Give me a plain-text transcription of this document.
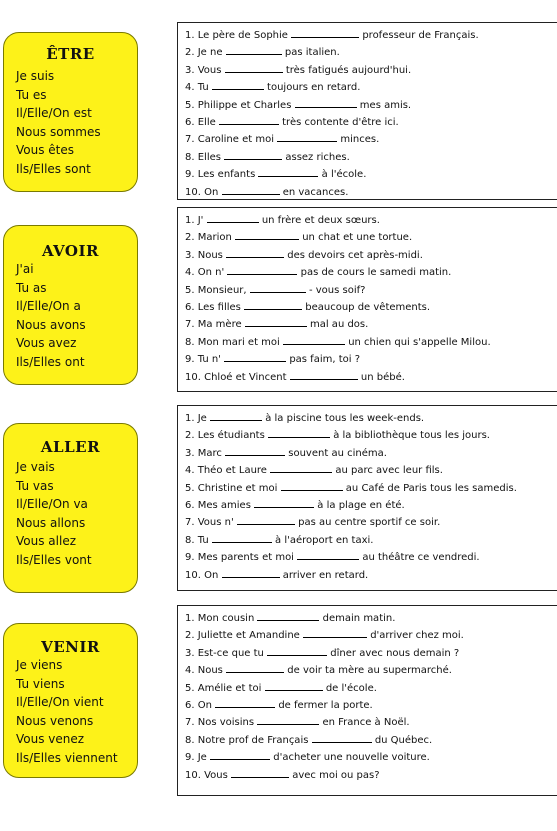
ÊTRE
Je suis
Tu es
Il/Elle/On est
Nous sommes
Vous êtes
Ils/Elles sont
1. Le père de Sophie	professeur de Français.
2. Je ne	pas italien.
3. Vous	très fatigués aujourd'hui.
4. Tu	toujours en retard.
5. Philippe et Charles	mes amis.
6. Elle	très contente d'être ici.
7. Caroline et moi	minces.
8. Elles	assez riches.
9. Les enfants	à l'école.
10. On	en vacances.
AVOIR
J'ai
Tu as
Il/Elle/On a
Nous avons
Vous avez
Ils/Elles ont
1. J'	un frère et deux sœurs.
2. Marion	un chat et une tortue.
3. Nous	des devoirs cet après-midi.
4. On n'	pas de cours le samedi matin.
5. Monsieur,	- vous soif?
6. Les filles	beaucoup de vêtements.
7. Ma mère	mal au dos.
8. Mon mari et moi	un chien qui s'appelle Milou.
9. Tu n'	pas faim, toi ?
10. Chloé et Vincent	un bébé.
ALLER
Je vais
Tu vas
Il/Elle/On va
Nous allons
Vous allez
Ils/Elles vont
1. Je	à la piscine tous les week-ends.
2. Les étudiants	à la bibliothèque tous les jours.
3. Marc	souvent au cinéma.
4. Théo et Laure	au parc avec leur fils.
5. Christine et moi	au Café de Paris tous les samedis.
6. Mes amies	à la plage en été.
7. Vous n'	pas au centre sportif ce soir.
8. Tu	à l'aéroport en taxi.
9. Mes parents et moi	au théâtre ce vendredi.
10. On	arriver en retard.
VENIR
Je viens
Tu viens
Il/Elle/On vient
Nous venons
Vous venez
Ils/Elles viennent
1. Mon cousin	demain matin.
2. Juliette et Amandine	d'arriver chez moi.
3. Est-ce que tu	dîner avec nous demain ?
4. Nous	de voir ta mère au supermarché.
5. Amélie et toi	de l'école.
6. On	de fermer la porte.
7. Nos voisins	en France à Noël.
8. Notre prof de Français	du Québec.
9. Je	d'acheter une nouvelle voiture.
10. Vous	avec moi ou pas?
